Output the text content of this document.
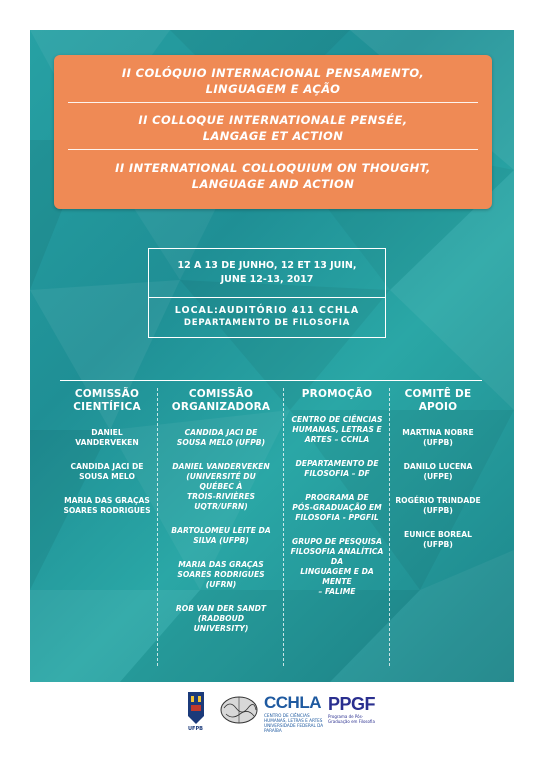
II COLÓQUIO INTERNACIONAL PENSAMENTO,
LINGUAGEM E AÇÃO
II COLLOQUE INTERNATIONALE PENSÉE,
LANGAGE ET ACTION
II INTERNATIONAL COLLOQUIUM ON THOUGHT,
LANGUAGE AND ACTION
12 A 13 DE JUNHO, 12 ET 13 JUIN,
JUNE 12-13, 2017
LOCAL:AUDITÓRIO 411 CCHLA
DEPARTAMENTO DE FILOSOFIA
COMISSÃO
CIENTÍFICA
DANIEL
VANDERVEKEN
CANDIDA JACI DE
SOUSA MELO
MARIA DAS GRAÇAS
SOARES RODRIGUES
COMISSÃO
ORGANIZADORA
CANDIDA JACI DE
SOUSA MELO (UFPB)
DANIEL VANDERVEKEN
(UNIVERSITÉ DU
QUÉBEC À
TROIS-RIVIÈRES
UQTR/UFRN)
BARTOLOMEU LEITE DA
SILVA (UFPB)
MARIA DAS GRAÇAS
SOARES RODRIGUES
(UFRN)
ROB VAN DER SANDT
(RADBOUD
UNIVERSITY)
PROMOÇÃO
CENTRO DE CIÊNCIAS
HUMANAS, LETRAS E
ARTES – CCHLA
DEPARTAMENTO DE
FILOSOFIA – DF
PROGRAMA DE
PÓS-GRADUAÇÃO EM
FILOSOFIA - PPGFIL
GRUPO DE PESQUISA
FILOSOFIA ANALÍTICA DA
LINGUAGEM E DA MENTE
– FALIME
COMITÊ DE
APOIO
MARTINA NOBRE
(UFPB)
DANILO LUCENA
(UFPE)
ROGÉRIO TRINDADE
(UFPB)
EUNICE BOREAL
(UFPB)
UFPB
CCHLA
CENTRO DE CIÊNCIAS HUMANAS, LETRAS E ARTES UNIVERSIDADE FEDERAL DA PARAÍBA
PPGF
Programa de Pós-Graduação em Filosofia
